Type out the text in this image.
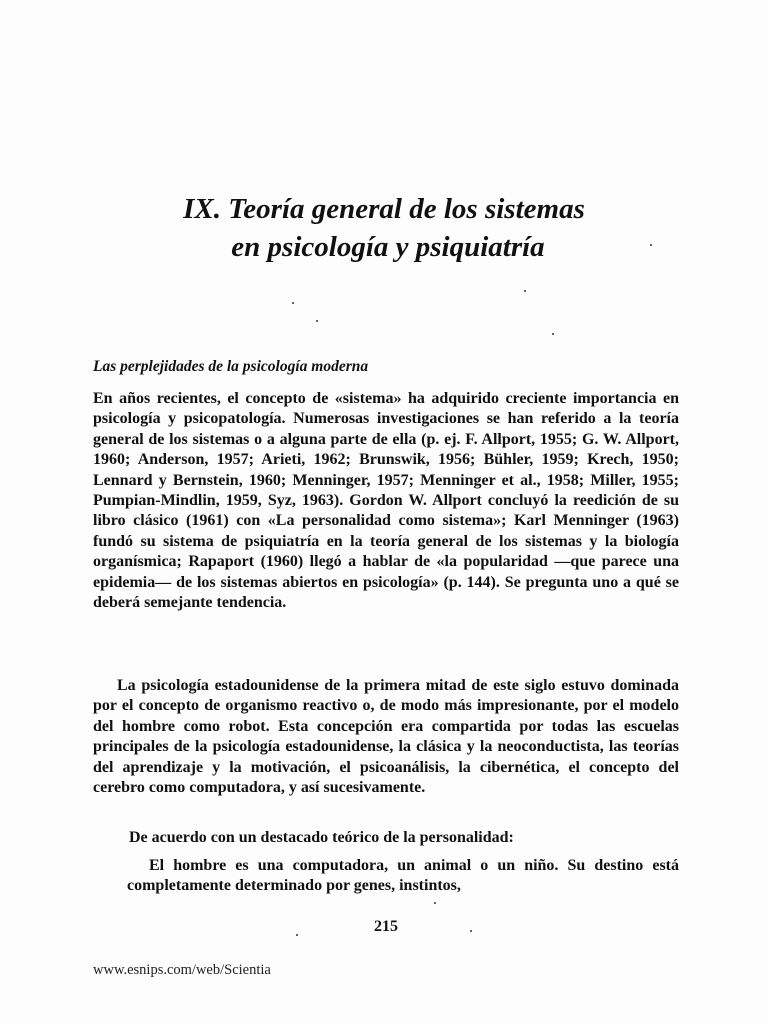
IX. Teoría general de los sistemas
en psicología y psiquiatría
Las perplejidades de la psicología moderna

En años recientes, el concepto de «sistema» ha adquirido creciente importancia en psicología y psicopatología. Numerosas investigaciones se han referido a la teoría general de los sistemas o a alguna parte de ella (p. ej. F. Allport, 1955; G. W. Allport, 1960; Anderson, 1957; Arieti, 1962; Brunswik, 1956; Bühler, 1959; Krech, 1950; Lennard y Bernstein, 1960; Menninger, 1957; Menninger et al., 1958; Miller, 1955; Pumpian-Mindlin, 1959, Syz, 1963). Gordon W. Allport concluyó la reedición de su libro clásico (1961) con «La personalidad como sistema»; Karl Menninger (1963) fundó su sistema de psiquiatría en la teoría general de los sistemas y la biología organísmica; Rapaport (1960) llegó a hablar de «la popularidad —que parece una epidemia— de los sistemas abiertos en psicología» (p. 144). Se pregunta uno a qué se deberá semejante tendencia.

La psicología estadounidense de la primera mitad de este siglo estuvo dominada por el concepto de organismo reactivo o, de modo más impresionante, por el modelo del hombre como robot. Esta concepción era compartida por todas las escuelas principales de la psicología estadounidense, la clásica y la neoconductista, las teorías del aprendizaje y la motivación, el psicoanálisis, la cibernética, el concepto del cerebro como computadora, y así sucesivamente.

De acuerdo con un destacado teórico de la personalidad:

El hombre es una computadora, un animal o un niño. Su destino está completamente determinado por genes, instintos,

215
www.esnips.com/web/Scientia
